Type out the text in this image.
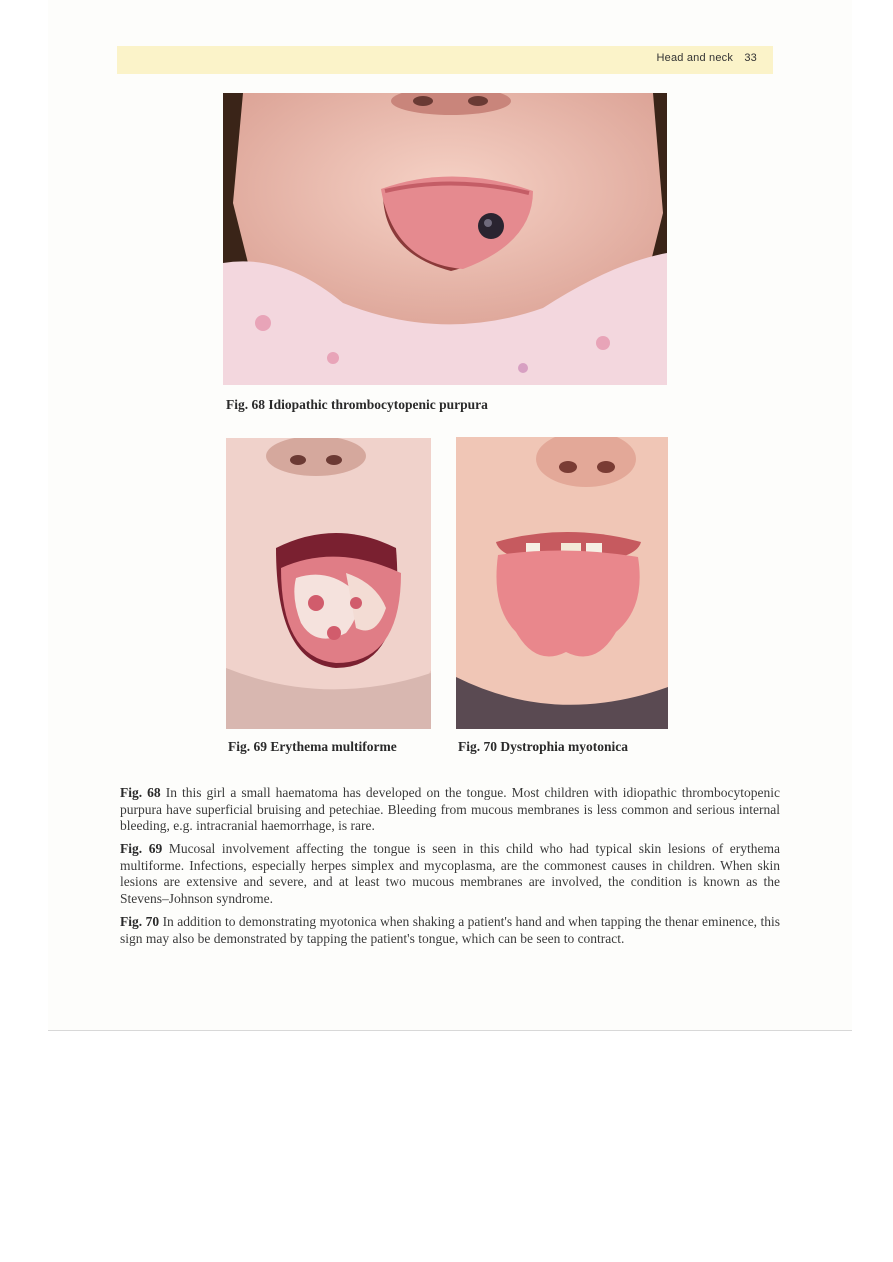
Head and neck 33
Fig. 68 Idiopathic thrombocytopenic purpura
Fig. 69 Erythema multiforme	Fig. 70 Dystrophia myotonica
Fig. 68 In this girl a small haematoma has developed on the tongue. Most children with idiopathic thrombocytopenic purpura have superficial bruising and petechiae. Bleeding from mucous membranes is less common and serious internal bleeding, e.g. intracranial haemorrhage, is rare.
Fig. 69 Mucosal involvement affecting the tongue is seen in this child who had typical skin lesions of erythema multiforme. Infections, especially herpes simplex and mycoplasma, are the commonest causes in children. When skin lesions are extensive and severe, and at least two mucous membranes are involved, the condition is known as the Stevens–Johnson syndrome.
Fig. 70 In addition to demonstrating myotonica when shaking a patient's hand and when tapping the thenar eminence, this sign may also be demonstrated by tapping the patient's tongue, which can be seen to contract.
